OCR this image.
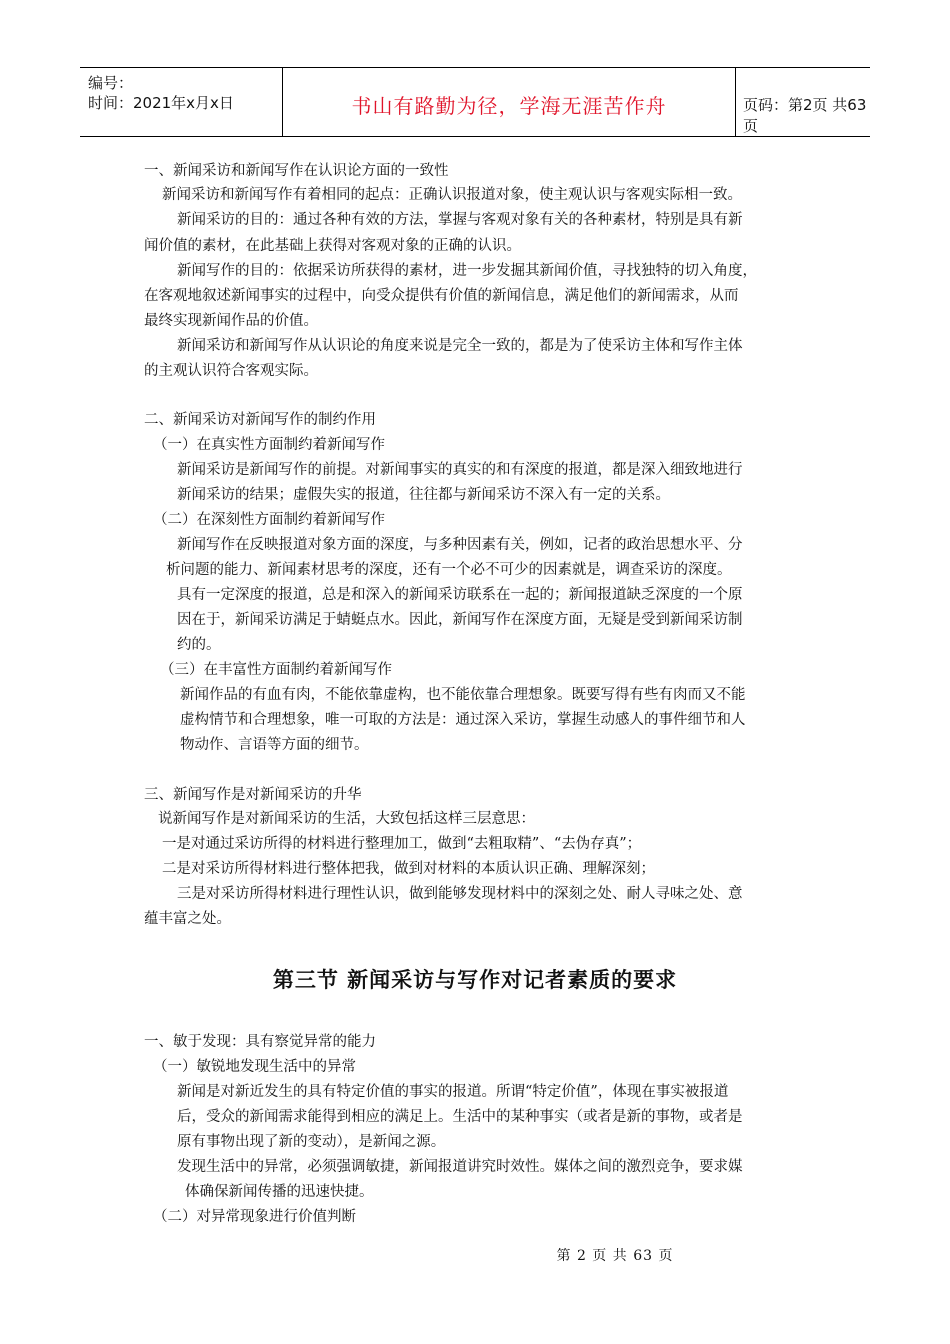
编号：
时间：2021年x月x日	书山有路勤为径，学海无涯苦作舟	页码：第2页 共63页
一、新闻采访和新闻写作在认识论方面的一致性
新闻采访和新闻写作有着相同的起点：正确认识报道对象，使主观认识与客观实际相一致。
新闻采访的目的：通过各种有效的方法，掌握与客观对象有关的各种素材，特别是具有新
闻价值的素材，在此基础上获得对客观对象的正确的认识。
新闻写作的目的：依据采访所获得的素材，进一步发掘其新闻价值，寻找独特的切入角度，
在客观地叙述新闻事实的过程中，向受众提供有价值的新闻信息，满足他们的新闻需求，从而
最终实现新闻作品的价值。
新闻采访和新闻写作从认识论的角度来说是完全一致的，都是为了使采访主体和写作主体
的主观认识符合客观实际。
二、新闻采访对新闻写作的制约作用
（一）在真实性方面制约着新闻写作
新闻采访是新闻写作的前提。对新闻事实的真实的和有深度的报道，都是深入细致地进行
新闻采访的结果；虚假失实的报道，往往都与新闻采访不深入有一定的关系。
（二）在深刻性方面制约着新闻写作
新闻写作在反映报道对象方面的深度，与多种因素有关，例如，记者的政治思想水平、分
析问题的能力、新闻素材思考的深度，还有一个必不可少的因素就是，调查采访的深度。
具有一定深度的报道，总是和深入的新闻采访联系在一起的；新闻报道缺乏深度的一个原
因在于，新闻采访满足于蜻蜓点水。因此，新闻写作在深度方面，无疑是受到新闻采访制
约的。
（三）在丰富性方面制约着新闻写作
新闻作品的有血有肉，不能依靠虚构，也不能依靠合理想象。既要写得有些有肉而又不能
虚构情节和合理想象，唯一可取的方法是：通过深入采访，掌握生动感人的事件细节和人
物动作、言语等方面的细节。
三、新闻写作是对新闻采访的升华
说新闻写作是对新闻采访的生活，大致包括这样三层意思：
一是对通过采访所得的材料进行整理加工，做到“去粗取精”、“去伪存真”；
二是对采访所得材料进行整体把我，做到对材料的本质认识正确、理解深刻；
三是对采访所得材料进行理性认识，做到能够发现材料中的深刻之处、耐人寻味之处、意
蕴丰富之处。
第三节 新闻采访与写作对记者素质的要求
一、敏于发现：具有察觉异常的能力
（一）敏锐地发现生活中的异常
新闻是对新近发生的具有特定价值的事实的报道。所谓“特定价值”，体现在事实被报道
后，受众的新闻需求能得到相应的满足上。生活中的某种事实（或者是新的事物，或者是
原有事物出现了新的变动），是新闻之源。
发现生活中的异常，必须强调敏捷，新闻报道讲究时效性。媒体之间的激烈竞争，要求媒
体确保新闻传播的迅速快捷。
（二）对异常现象进行价值判断
第 2 页 共 63 页
